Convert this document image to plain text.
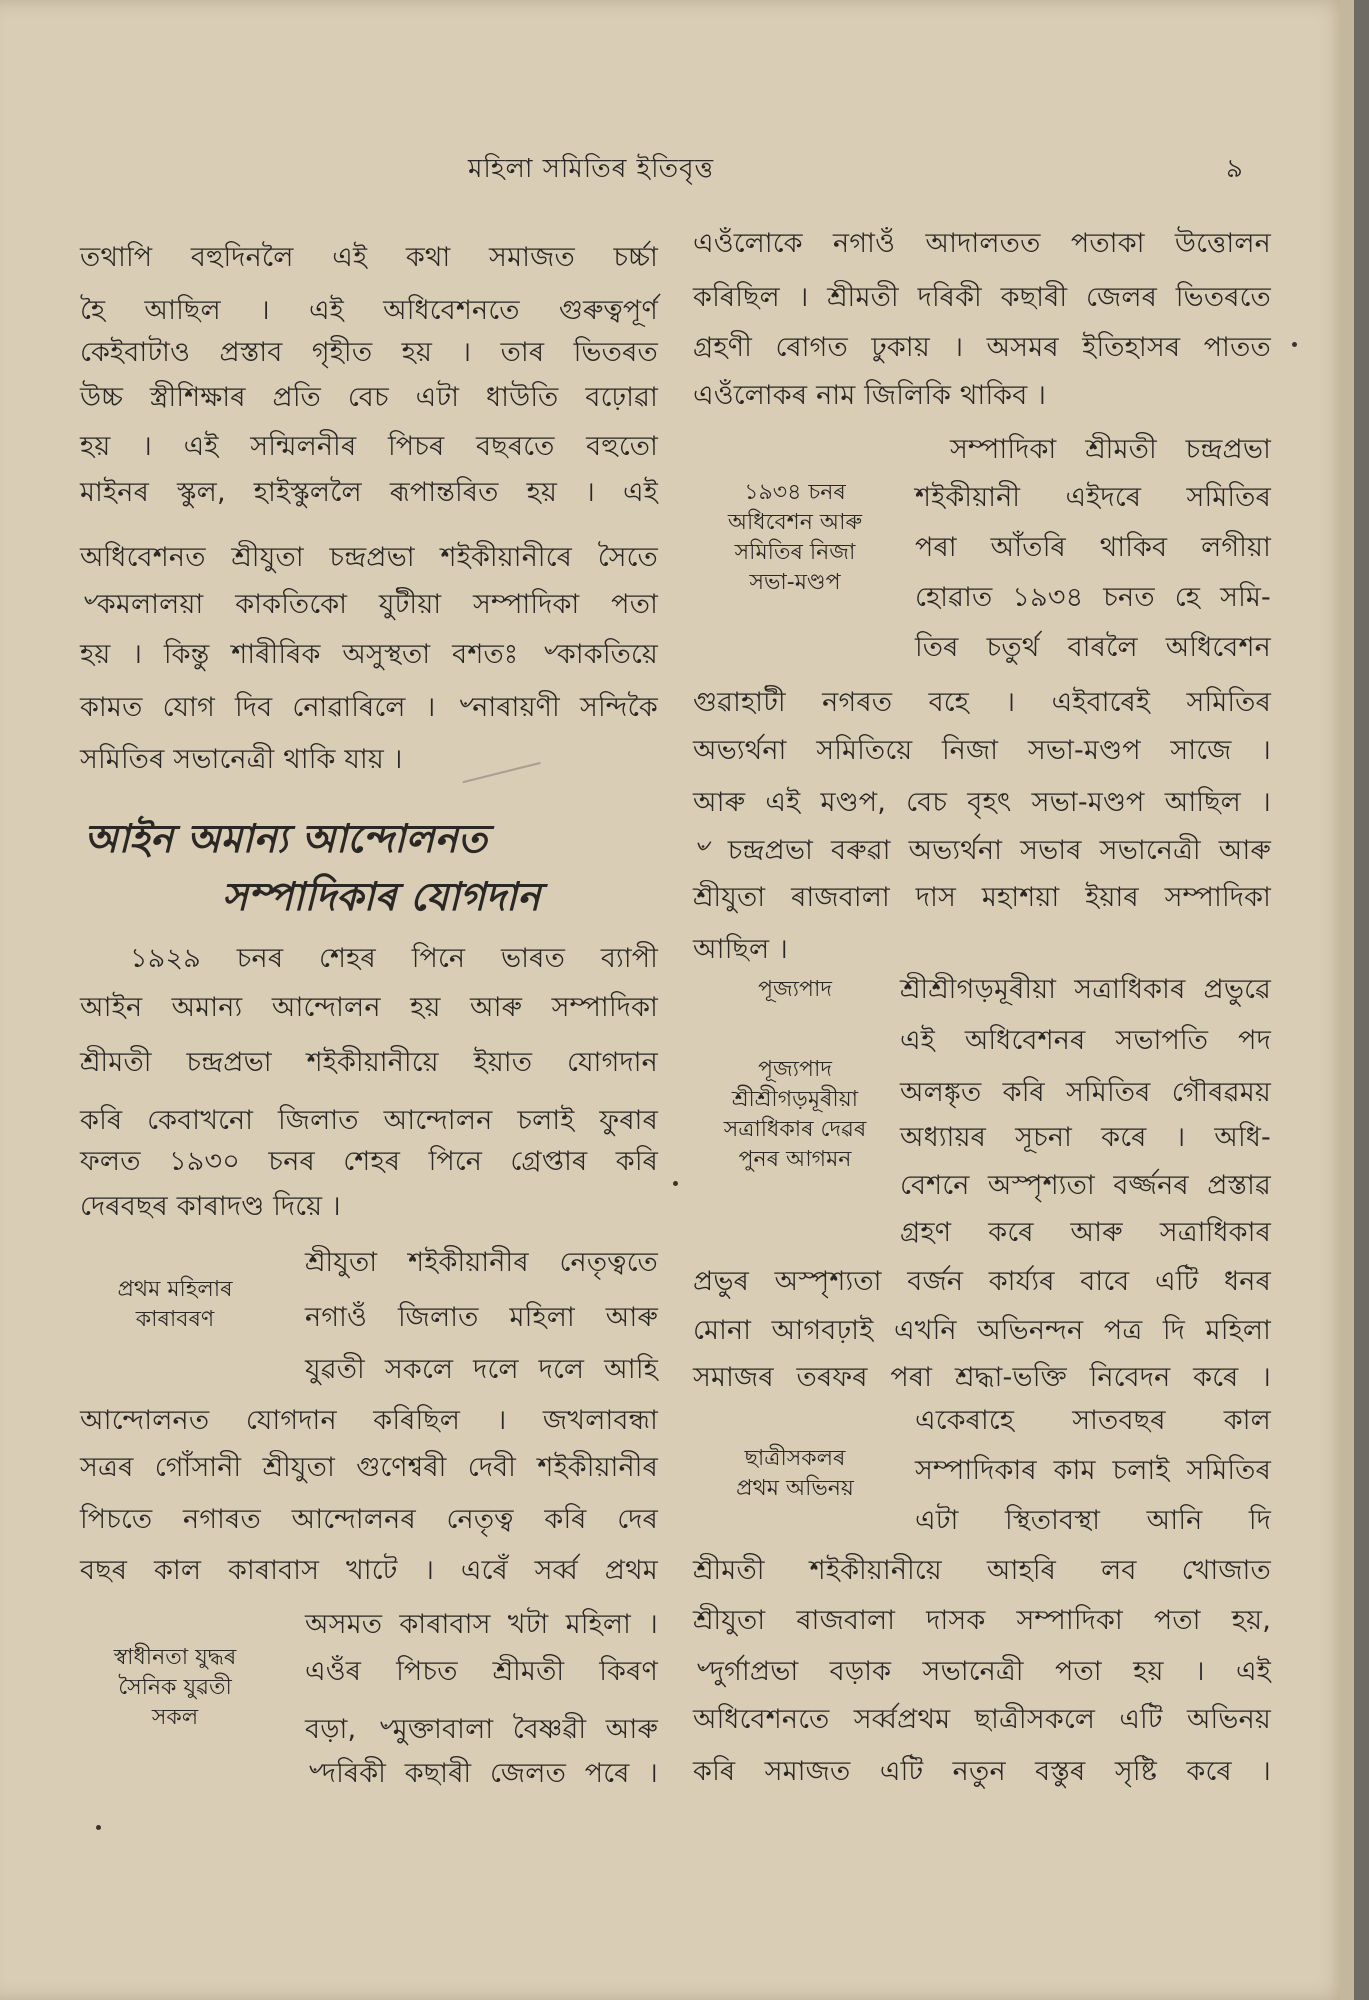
মহিলা সমিতিৰ ইতিবৃত্ত	৯
তথাপি বহুদিনলৈ এই কথা সমাজত চৰ্চ্চা
হৈ আছিল । এই অধিবেশনতে গুৰুত্বপূৰ্ণ
কেইবাটাও প্ৰস্তাব গৃহীত হয় । তাৰ ভিতৰত
উচ্চ স্ত্ৰীশিক্ষাৰ প্ৰতি বেচ এটা ধাউতি বঢ়োৱা
হয় । এই সন্মিলনীৰ পিচৰ বছৰতে বহুতো
মাইনৰ স্কুল, হাইস্কুললৈ ৰূপান্তৰিত হয় । এই
অধিবেশনত শ্ৰীযুতা চন্দ্ৰপ্ৰভা শইকীয়ানীৰে সৈতে
৺কমলালয়া কাকতিকো যুটীয়া সম্পাদিকা পতা
হয় । কিন্তু শাৰীৰিক অসুস্থতা বশতঃ ৺কাকতিয়ে
কামত যোগ দিব নোৱাৰিলে । ৺নাৰায়ণী সন্দিকৈ
সমিতিৰ সভানেত্ৰী থাকি যায় ।
আইন অমান্য আন্দোলনত
সম্পাদিকাৰ যোগদান
১৯২৯ চনৰ শেহৰ পিনে ভাৰত ব্যাপী
আইন অমান্য আন্দোলন হয় আৰু সম্পাদিকা
শ্ৰীমতী চন্দ্ৰপ্ৰভা শইকীয়ানীয়ে ইয়াত যোগদান
কৰি কেবাখনো জিলাত আন্দোলন চলাই ফুৰাৰ
ফলত ১৯৩০ চনৰ শেহৰ পিনে গ্ৰেপ্তাৰ কৰি
দেৰবছৰ কাৰাদণ্ড দিয়ে ।
প্ৰথম মহিলাৰ
কাৰাবৰণ
শ্ৰীযুতা শইকীয়ানীৰ নেতৃত্বতে
নগাওঁ জিলাত মহিলা আৰু
যুৱতী সকলে দলে দলে আহি
আন্দোলনত যোগদান কৰিছিল । জখলাবন্ধা
সত্ৰৰ গোঁসানী শ্ৰীযুতা গুণেশ্বৰী দেবী শইকীয়ানীৰ
পিচতে নগাৰত আন্দোলনৰ নেতৃত্ব কৰি দেৰ
বছৰ কাল কাৰাবাস খাটে । এৰেঁ সৰ্ব্ব প্ৰথম
স্বাধীনতা যুদ্ধৰ
সৈনিক যুৱতী
সকল
অসমত কাৰাবাস খটা মহিলা ।
এওঁৰ পিচত শ্ৰীমতী কিৰণ
বড়া, ৺মুক্তাবালা বৈষ্ণৱী আৰু
৺দৰিকী কছাৰী জেলত পৰে ।
এওঁলোকে নগাওঁ আদালতত পতাকা উত্তোলন
কৰিছিল । শ্ৰীমতী দৰিকী কছাৰী জেলৰ ভিতৰতে
গ্ৰহণী ৰোগত ঢুকায় । অসমৰ ইতিহাসৰ পাতত
এওঁলোকৰ নাম জিলিকি থাকিব ।
সম্পাদিকা শ্ৰীমতী চন্দ্ৰপ্ৰভা
১৯৩৪ চনৰ
অধিবেশন আৰু
সমিতিৰ নিজা
সভা-মণ্ডপ
শইকীয়ানী এইদৰে সমিতিৰ
পৰা আঁতৰি থাকিব লগীয়া
হোৱাত ১৯৩৪ চনত হে সমি-
তিৰ চতুৰ্থ বাৰলৈ অধিবেশন
গুৱাহাটী নগৰত বহে । এইবাৰেই সমিতিৰ
অভ্যৰ্থনা সমিতিয়ে নিজা সভা-মণ্ডপ সাজে ।
আৰু এই মণ্ডপ, বেচ বৃহৎ সভা-মণ্ডপ আছিল ।
৺ চন্দ্ৰপ্ৰভা বৰুৱা অভ্যৰ্থনা সভাৰ সভানেত্ৰী আৰু
শ্ৰীযুতা ৰাজবালা দাস মহাশয়া ইয়াৰ সম্পাদিকা
আছিল ।
পূজ্যপাদ
পূজ্যপাদ
শ্ৰীশ্ৰীগড়মূৰীয়া
সত্ৰাধিকাৰ দেৱৰ
পুনৰ আগমন
শ্ৰীশ্ৰীগড়মূৰীয়া সত্ৰাধিকাৰ প্ৰভুৱে
এই অধিবেশনৰ সভাপতি পদ
অলঙ্কৃত কৰি সমিতিৰ গৌৰৱময়
অধ্যায়ৰ সূচনা কৰে । অধি-
বেশনে অস্পৃশ্যতা বৰ্জ্জনৰ প্ৰস্তাৱ
গ্ৰহণ কৰে আৰু সত্ৰাধিকাৰ
প্ৰভুৰ অস্পৃশ্যতা বৰ্জন কাৰ্য্যৰ বাবে এটি ধনৰ
মোনা আগবঢ়াই এখনি অভিনন্দন পত্ৰ দি মহিলা
সমাজৰ তৰফৰ পৰা শ্ৰদ্ধা-ভক্তি নিবেদন কৰে ।
ছাত্ৰীসকলৰ
প্ৰথম অভিনয়
একেৰাহে সাতবছৰ কাল
সম্পাদিকাৰ কাম চলাই সমিতিৰ
এটা স্থিতাবস্থা আনি দি
শ্ৰীমতী শইকীয়ানীয়ে আহৰি লব খোজাত
শ্ৰীযুতা ৰাজবালা দাসক সম্পাদিকা পতা হয়,
৺দুৰ্গাপ্ৰভা বড়াক সভানেত্ৰী পতা হয় । এই
অধিবেশনতে সৰ্ব্বপ্ৰথম ছাত্ৰীসকলে এটি অভিনয়
কৰি সমাজত এটি নতুন বস্তুৰ সৃষ্টি কৰে ।
